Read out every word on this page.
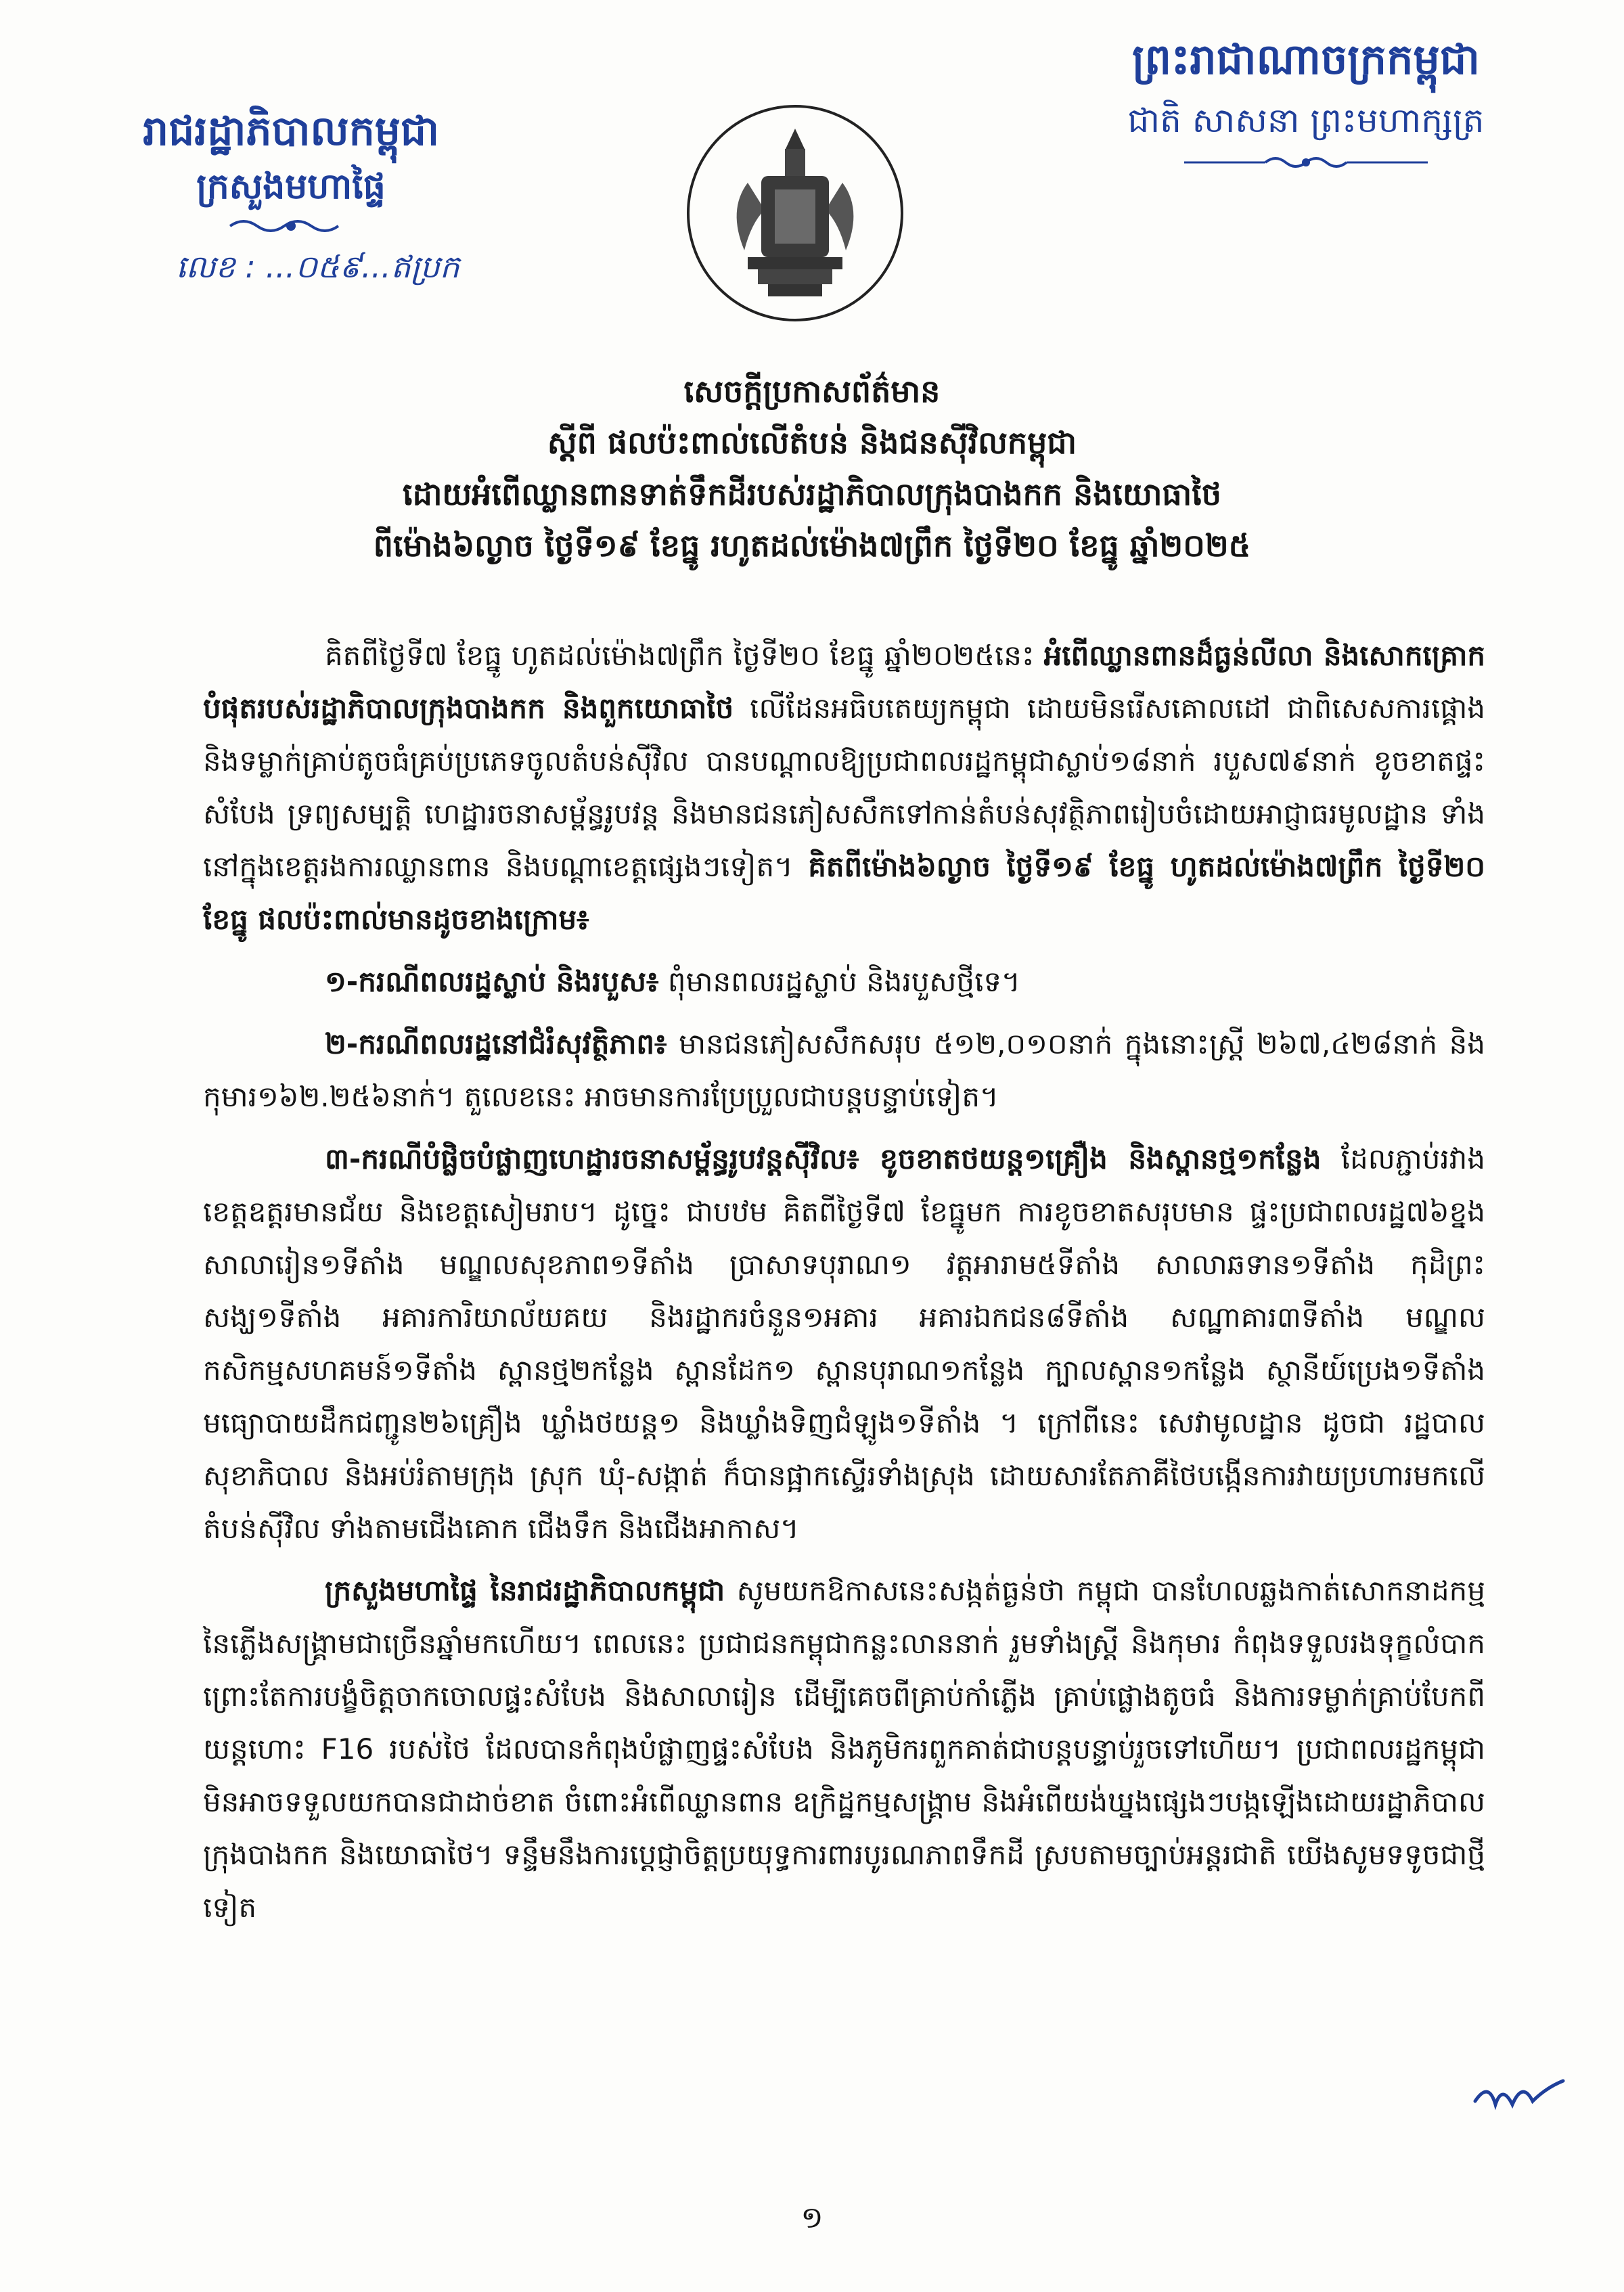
រាជរដ្ឋាភិបាលកម្ពុជា
ក្រសួងមហាផ្ទៃ
លេខ : ...០៥៩...ឥប្រក
ព្រះរាជាណាចក្រកម្ពុជា
ជាតិ សាសនា ព្រះមហាក្សត្រ
សេចក្តីប្រកាសព័ត៌មាន
ស្តីពី ផលប៉ះពាល់លើតំបន់ និងជនស៊ីវិលកម្ពុជា
ដោយអំពើឈ្លានពានទាត់ទឹកដីរបស់រដ្ឋាភិបាលក្រុងបាងកក និងយោធាថៃ
ពីម៉ោង៦ល្ងាច ថ្ងៃទី១៩ ខែធ្នូ រហូតដល់ម៉ោង៧ព្រឹក ថ្ងៃទី២០ ខែធ្នូ ឆ្នាំ២០២៥

គិតពីថ្ងៃទី៧ ខែធ្នូ ហូតដល់ម៉ោង៧ព្រឹក ថ្ងៃទី២០ ខែធ្នូ ឆ្នាំ២០២៥នេះ អំពើឈ្លានពានដ៏ធ្ងន់លីលា និងសោកគ្រោកបំផុតរបស់រដ្ឋាភិបាលក្រុងបាងកក និងពួកយោធាថៃ លើដែនអធិបតេយ្យកម្ពុជា ដោយមិនរើសគោលដៅ ជាពិសេសការផ្គោង និងទម្លាក់គ្រាប់តូចធំគ្រប់ប្រភេទចូលតំបន់ស៊ីវិល បានបណ្តាលឱ្យប្រជាពលរដ្ឋកម្ពុជាស្លាប់១៨នាក់ របួស៧៩នាក់ ខូចខាតផ្ទះសំបែង ទ្រព្យសម្បត្តិ ហេដ្ឋារចនាសម្ព័ន្ធរូបវន្ត និងមានជនភៀសសឹកទៅកាន់តំបន់សុវត្ថិភាពរៀបចំដោយអាជ្ញាធរមូលដ្ឋាន ទាំងនៅក្នុងខេត្តរងការឈ្លានពាន និងបណ្តាខេត្តផ្សេងៗទៀត។ គិតពីម៉ោង៦ល្ងាច ថ្ងៃទី១៩ ខែធ្នូ ហូតដល់ម៉ោង៧ព្រឹក ថ្ងៃទី២០ ខែធ្នូ ផលប៉ះពាល់មានដូចខាងក្រោម៖

១-ករណីពលរដ្ឋស្លាប់ និងរបួស៖ ពុំមានពលរដ្ឋស្លាប់ និងរបួសថ្មីទេ។

២-ករណីពលរដ្ឋនៅជំរំសុវត្ថិភាព៖ មានជនភៀសសឹកសរុប ៥១២,០១០នាក់ ក្នុងនោះស្ត្រី ២៦៧,៤២៨នាក់ និងកុមារ១៦២.២៥៦នាក់។ តួលេខនេះ អាចមានការប្រែប្រួលជាបន្តបន្ទាប់ទៀត។

៣-ករណីបំផ្លិចបំផ្លាញហេដ្ឋារចនាសម្ព័ន្ធរូបវន្តស៊ីវិល៖ ខូចខាតថយន្ត១គ្រឿង និងស្ពានថ្ម១កន្លែង ដែលភ្ជាប់រវាងខេត្តឧត្តរមានជ័យ និងខេត្តសៀមរាប។ ដូច្នេះ ជាបឋម គិតពីថ្ងៃទី៧ ខែធ្នូមក ការខូចខាតសរុបមាន ផ្ទះប្រជាពលរដ្ឋ៧៦ខ្នង សាលារៀន១ទីតាំង មណ្ឌលសុខភាព១ទីតាំង ប្រាសាទបុរាណ១ វត្តអារាម៥ទីតាំង សាលាឆទាន១ទីតាំង កុដិព្រះសង្ឃ១ទីតាំង អគារការិយាល័យគយ និងរដ្ឋាករចំនួន១អគារ អគារឯកជន៨ទីតាំង សណ្ឋាគារ៣ទីតាំង មណ្ឌលកសិកម្មសហគមន៍១ទីតាំង ស្ពានថ្ម២កន្លែង ស្ពានដែក១ ស្ពានបុរាណ១កន្លែង ក្បាលស្ពាន១កន្លែង ស្ថានីយ៍ប្រេង១ទីតាំង មធ្យោបាយដឹកជញ្ជូន២៦គ្រឿង ឃ្លាំងថយន្ត១ និងឃ្លាំងទិញជំឡូង១ទីតាំង ។ ក្រៅពីនេះ សេវាមូលដ្ឋាន ដូចជា រដ្ឋបាល សុខាភិបាល និងអប់រំតាមក្រុង ស្រុក ឃុំ-សង្កាត់ ក៏បានផ្អាកស្ទើរទាំងស្រុង ដោយសារតែភាគីថៃបង្កើនការវាយប្រហារមកលើតំបន់ស៊ីវិល ទាំងតាមជើងគោក ជើងទឹក និងជើងអាកាស។

ក្រសួងមហាផ្ទៃ នៃរាជរដ្ឋាភិបាលកម្ពុជា សូមយកឱកាសនេះសង្កត់ធ្ងន់ថា កម្ពុជា បានហែលឆ្លងកាត់សោកនាដកម្មនៃភ្លើងសង្គ្រាមជាច្រើនឆ្នាំមកហើយ។ ពេលនេះ ប្រជាជនកម្ពុជាកន្លះលាននាក់ រួមទាំងស្ត្រី និងកុមារ កំពុងទទួលរងទុក្ខលំបាក ព្រោះតែការបង្ខំចិត្តចាកចោលផ្ទះសំបែង និងសាលារៀន ដើម្បីគេចពីគ្រាប់កាំភ្លើង គ្រាប់ផ្លោងតូចធំ និងការទម្លាក់គ្រាប់បែកពីយន្តហោះ F16 របស់ថៃ ដែលបានកំពុងបំផ្លាញផ្ទះសំបែង និងភូមិករពួកគាត់ជាបន្តបន្ទាប់រួចទៅហើយ។ ប្រជាពលរដ្ឋកម្ពុជា មិនអាចទទួលយកបានជាដាច់ខាត ចំពោះអំពើឈ្លានពាន ឧក្រិដ្ឋកម្មសង្គ្រាម និងអំពើយង់ឃ្នងផ្សេងៗបង្កឡើងដោយរដ្ឋាភិបាលក្រុងបាងកក និងយោធាថៃ។ ទន្ទឹមនឹងការប្តេជ្ញាចិត្តប្រយុទ្ធការពារបូរណភាពទឹកដី ស្របតាមច្បាប់អន្តរជាតិ យើងសូមទទូចជាថ្មីទៀត

១
